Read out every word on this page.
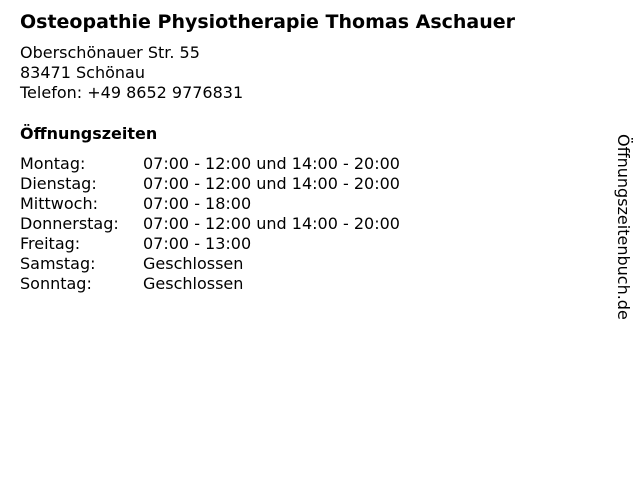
Osteopathie Physiotherapie Thomas Aschauer
Oberschönauer Str. 55
83471 Schönau
Telefon: +49 8652 9776831
Öffnungszeiten
Montag:	07:00 - 12:00 und 14:00 - 20:00
Dienstag:	07:00 - 12:00 und 14:00 - 20:00
Mittwoch:	07:00 - 18:00
Donnerstag:	07:00 - 12:00 und 14:00 - 20:00
Freitag:	07:00 - 13:00
Samstag:	Geschlossen
Sonntag:	Geschlossen	Öffnungszeitenbuch.de
